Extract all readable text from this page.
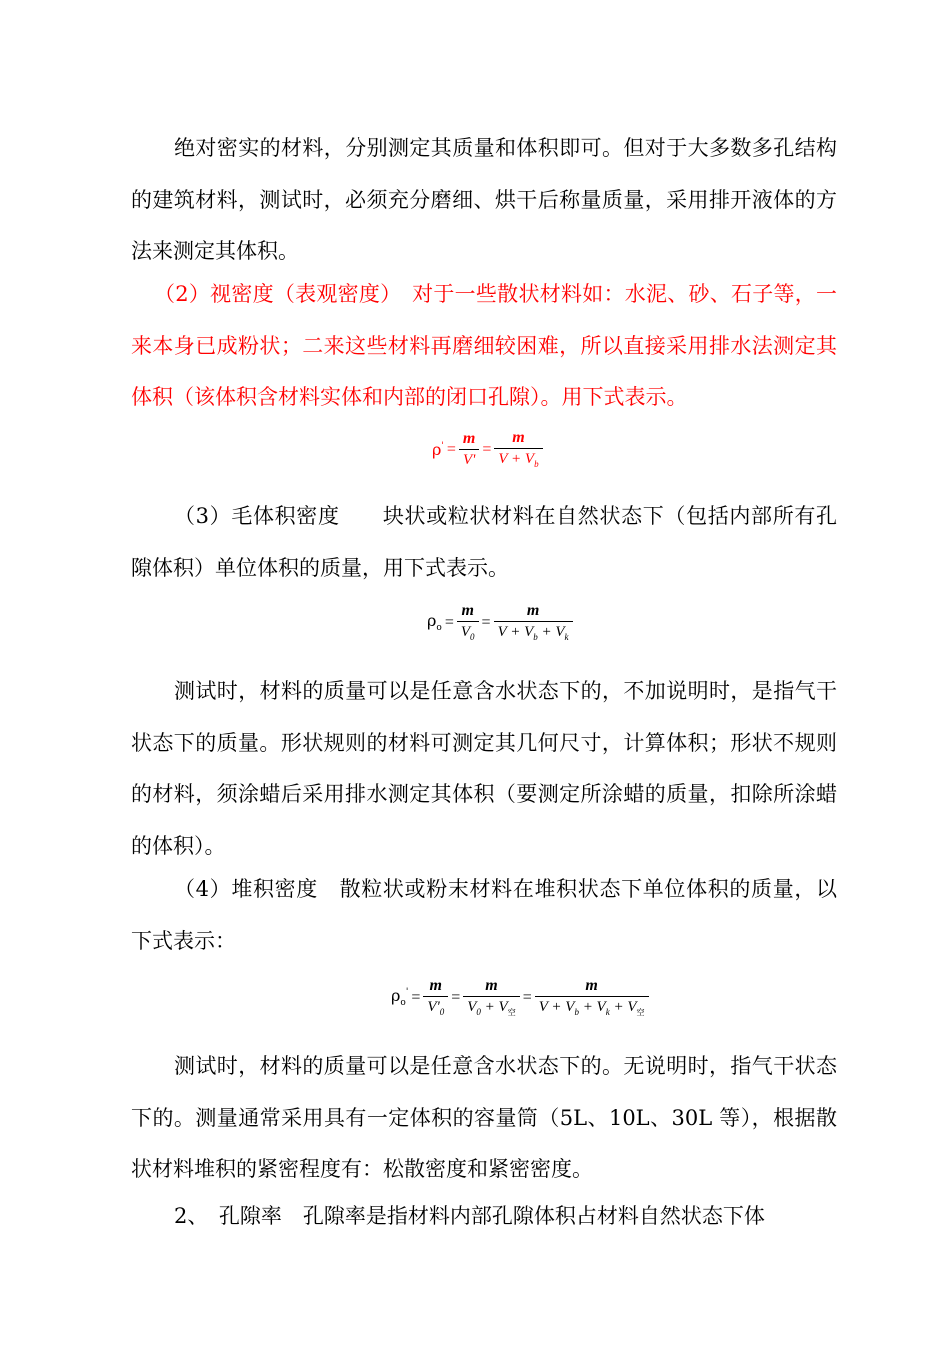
绝对密实的材料，分别测定其质量和体积即可。但对于大多数多孔结构的建筑材料，测试时，必须充分磨细、烘干后称量质量，采用排开液体的方法来测定其体积。

（2）视密度（表观密度）　对于一些散状材料如：水泥、砂、石子等，一来本身已成粉状；二来这些材料再磨细较困难，所以直接采用排水法测定其体积（该体积含材料实体和内部的闭口孔隙）。用下式表示。

$\rho' = \frac{m}{V'} = \frac{m}{V + V_b}$

（3）毛体积密度　　块状或粒状材料在自然状态下（包括内部所有孔隙体积）单位体积的质量，用下式表示。

$\rho_o = \frac{m}{V_0} = \frac{m}{V + V_b + V_k}$

测试时，材料的质量可以是任意含水状态下的，不加说明时，是指气干状态下的质量。形状规则的材料可测定其几何尺寸，计算体积；形状不规则的材料，须涂蜡后采用排水测定其体积（要测定所涂蜡的质量，扣除所涂蜡的体积）。

（4）堆积密度　散粒状或粉末材料在堆积状态下单位体积的质量，以下式表示：

$\rho_o' = \frac{m}{V'_0} = \frac{m}{V_0 + V_空} = \frac{m}{V + V_b + V_k + V_空}$

测试时，材料的质量可以是任意含水状态下的。无说明时，指气干状态下的。测量通常采用具有一定体积的容量筒（5L、10L、30L 等），根据散状材料堆积的紧密程度有：松散密度和紧密密度。

2、　孔隙率　孔隙率是指材料内部孔隙体积占材料自然状态下体
